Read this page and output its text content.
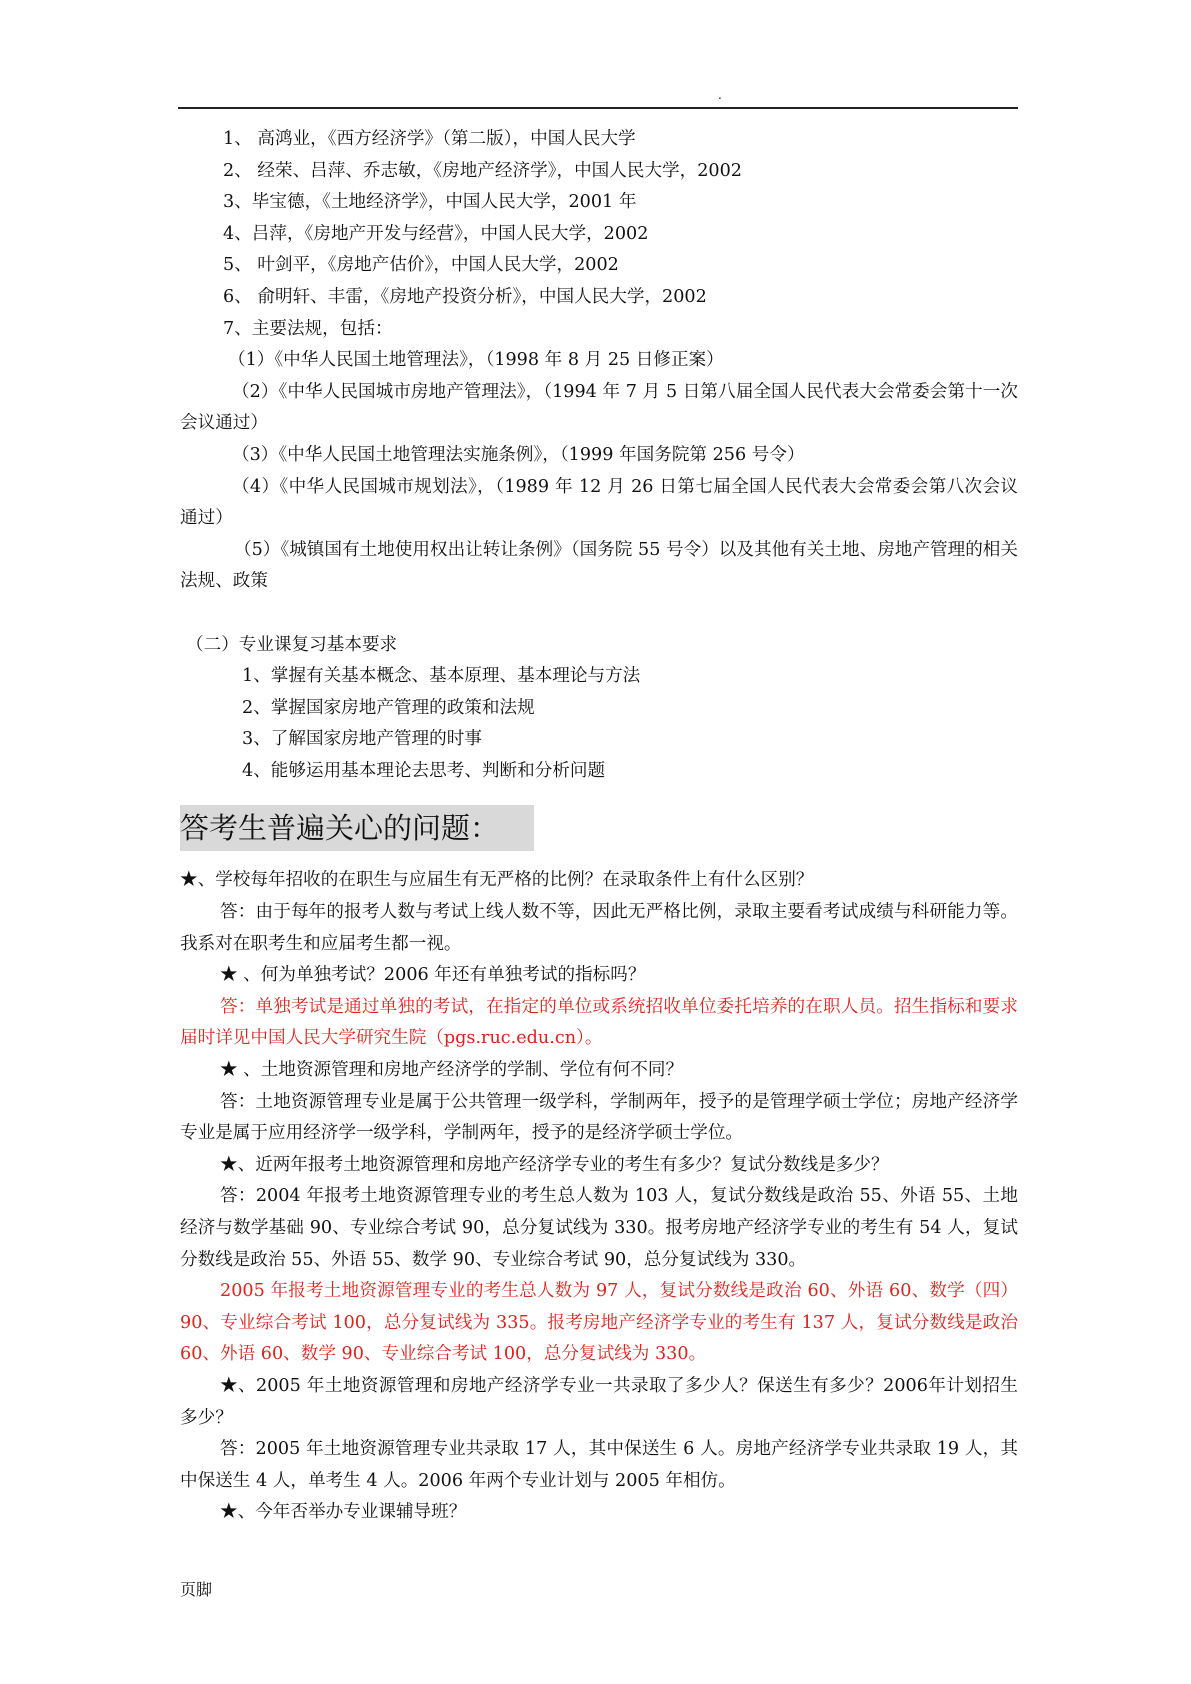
.

1、 高鸿业，《西方经济学》（第二版），中国人民大学

2、 经荣、吕萍、乔志敏，《房地产经济学》，中国人民大学，2002

3、毕宝德，《土地经济学》，中国人民大学，2001 年

4、吕萍，《房地产开发与经营》，中国人民大学，2002

5、 叶剑平，《房地产估价》，中国人民大学，2002

6、 俞明轩、丰雷，《房地产投资分析》，中国人民大学，2002

7、主要法规，包括：

（1）《中华人民国土地管理法》，（1998 年 8 月 25 日修正案）

（2）《中华人民国城市房地产管理法》，（1994 年 7 月 5 日第八届全国人民代表大会常委会第十一次会议通过）

（3）《中华人民国土地管理法实施条例》，（1999 年国务院第 256 号令）

（4）《中华人民国城市规划法》，（1989 年 12 月 26 日第七届全国人民代表大会常委会第八次会议通过）

（5）《城镇国有土地使用权出让转让条例》（国务院 55 号令）以及其他有关土地、房地产管理的相关法规、政策

（二）专业课复习基本要求

1、掌握有关基本概念、基本原理、基本理论与方法

2、掌握国家房地产管理的政策和法规

3、了解国家房地产管理的时事

4、能够运用基本理论去思考、判断和分析问题

答考生普遍关心的问题：

★、学校每年招收的在职生与应届生有无严格的比例？在录取条件上有什么区别？

答：由于每年的报考人数与考试上线人数不等，因此无严格比例，录取主要看考试成绩与科研能力等。我系对在职考生和应届考生都一视。

★ 、何为单独考试？2006 年还有单独考试的指标吗？

答：单独考试是通过单独的考试，在指定的单位或系统招收单位委托培养的在职人员。招生指标和要求届时详见中国人民大学研究生院（pgs.ruc.edu.cn）。

★ 、土地资源管理和房地产经济学的学制、学位有何不同？

答：土地资源管理专业是属于公共管理一级学科，学制两年，授予的是管理学硕士学位；房地产经济学专业是属于应用经济学一级学科，学制两年，授予的是经济学硕士学位。

★、近两年报考土地资源管理和房地产经济学专业的考生有多少？复试分数线是多少？

答：2004 年报考土地资源管理专业的考生总人数为 103 人，复试分数线是政治 55、外语 55、土地经济与数学基础 90、专业综合考试 90，总分复试线为 330。报考房地产经济学专业的考生有 54 人，复试分数线是政治 55、外语 55、数学 90、专业综合考试 90，总分复试线为 330。

2005 年报考土地资源管理专业的考生总人数为 97 人，复试分数线是政治 60、外语 60、数学（四）90、专业综合考试 100，总分复试线为 335。报考房地产经济学专业的考生有 137 人，复试分数线是政治 60、外语 60、数学 90、专业综合考试 100，总分复试线为 330。

★、2005 年土地资源管理和房地产经济学专业一共录取了多少人？保送生有多少？2006年计划招生多少？

答：2005 年土地资源管理专业共录取 17 人，其中保送生 6 人。房地产经济学专业共录取 19 人，其中保送生 4 人，单考生 4 人。2006 年两个专业计划与 2005 年相仿。

★、今年否举办专业课辅导班？

页脚
